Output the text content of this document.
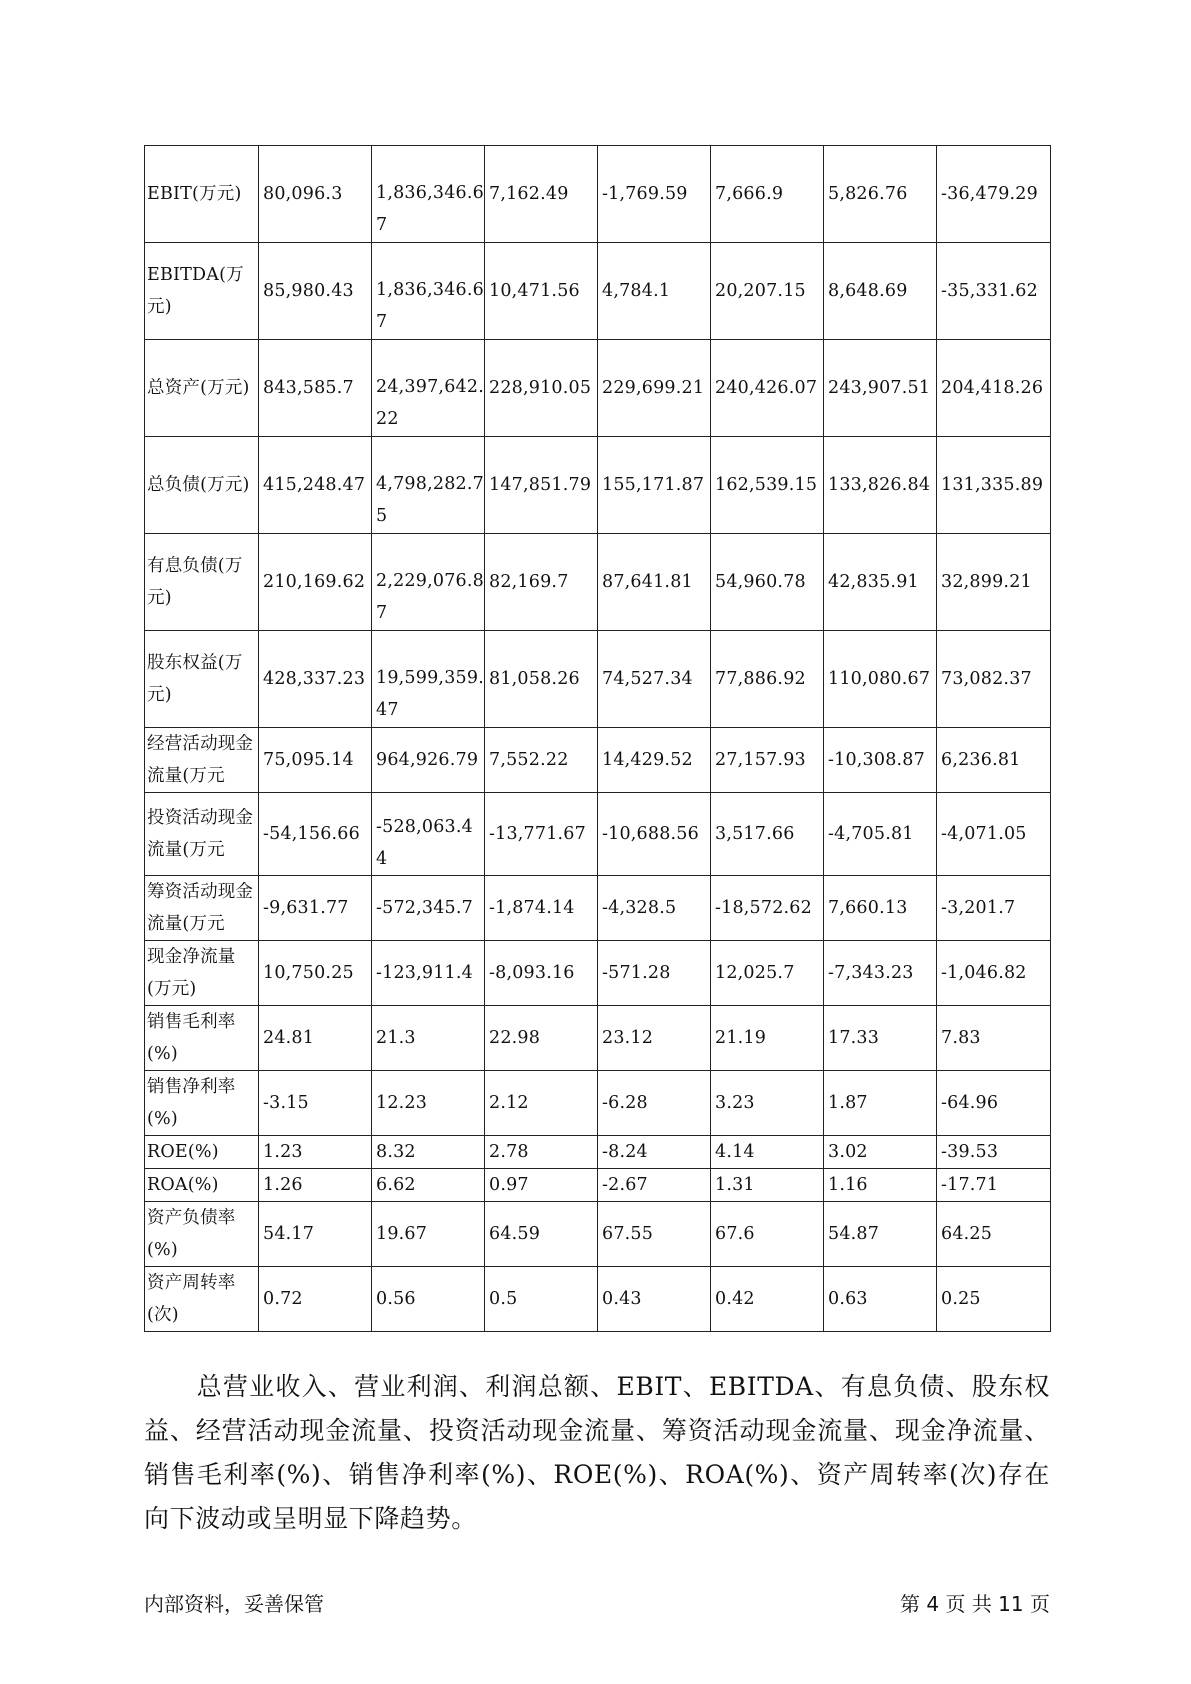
EBIT(万元)	80,096.3	1,836,346.67	7,162.49	-1,769.59	7,666.9	5,826.76	-36,479.29
EBITDA(万元)	85,980.43	1,836,346.67	10,471.56	4,784.1	20,207.15	8,648.69	-35,331.62
总资产(万元)	843,585.7	24,397,642.22	228,910.05	229,699.21	240,426.07	243,907.51	204,418.26
总负债(万元)	415,248.47	4,798,282.75	147,851.79	155,171.87	162,539.15	133,826.84	131,335.89
有息负债(万元)	210,169.62	2,229,076.87	82,169.7	87,641.81	54,960.78	42,835.91	32,899.21
股东权益(万元)	428,337.23	19,599,359.47	81,058.26	74,527.34	77,886.92	110,080.67	73,082.37
经营活动现金流量(万元	75,095.14	964,926.79	7,552.22	14,429.52	27,157.93	-10,308.87	6,236.81
投资活动现金流量(万元	-54,156.66	-528,063.44	-13,771.67	-10,688.56	3,517.66	-4,705.81	-4,071.05
筹资活动现金流量(万元	-9,631.77	-572,345.7	-1,874.14	-4,328.5	-18,572.62	7,660.13	-3,201.7
现金净流量(万元)	10,750.25	-123,911.4	-8,093.16	-571.28	12,025.7	-7,343.23	-1,046.82
销售毛利率(%)	24.81	21.3	22.98	23.12	21.19	17.33	7.83
销售净利率(%)	-3.15	12.23	2.12	-6.28	3.23	1.87	-64.96
ROE(%)	1.23	8.32	2.78	-8.24	4.14	3.02	-39.53
ROA(%)	1.26	6.62	0.97	-2.67	1.31	1.16	-17.71
资产负债率(%)	54.17	19.67	64.59	67.55	67.6	54.87	64.25
资产周转率(次)	0.72	0.56	0.5	0.43	0.42	0.63	0.25
总营业收入、营业利润、利润总额、EBIT、EBITDA、有息负债、股东权益、经营活动现金流量、投资活动现金流量、筹资活动现金流量、现金净流量、销售毛利率(%)、销售净利率(%)、ROE(%)、ROA(%)、资产周转率(次)存在向下波动或呈明显下降趋势。
内部资料，妥善保管	第 4 页 共 11 页
